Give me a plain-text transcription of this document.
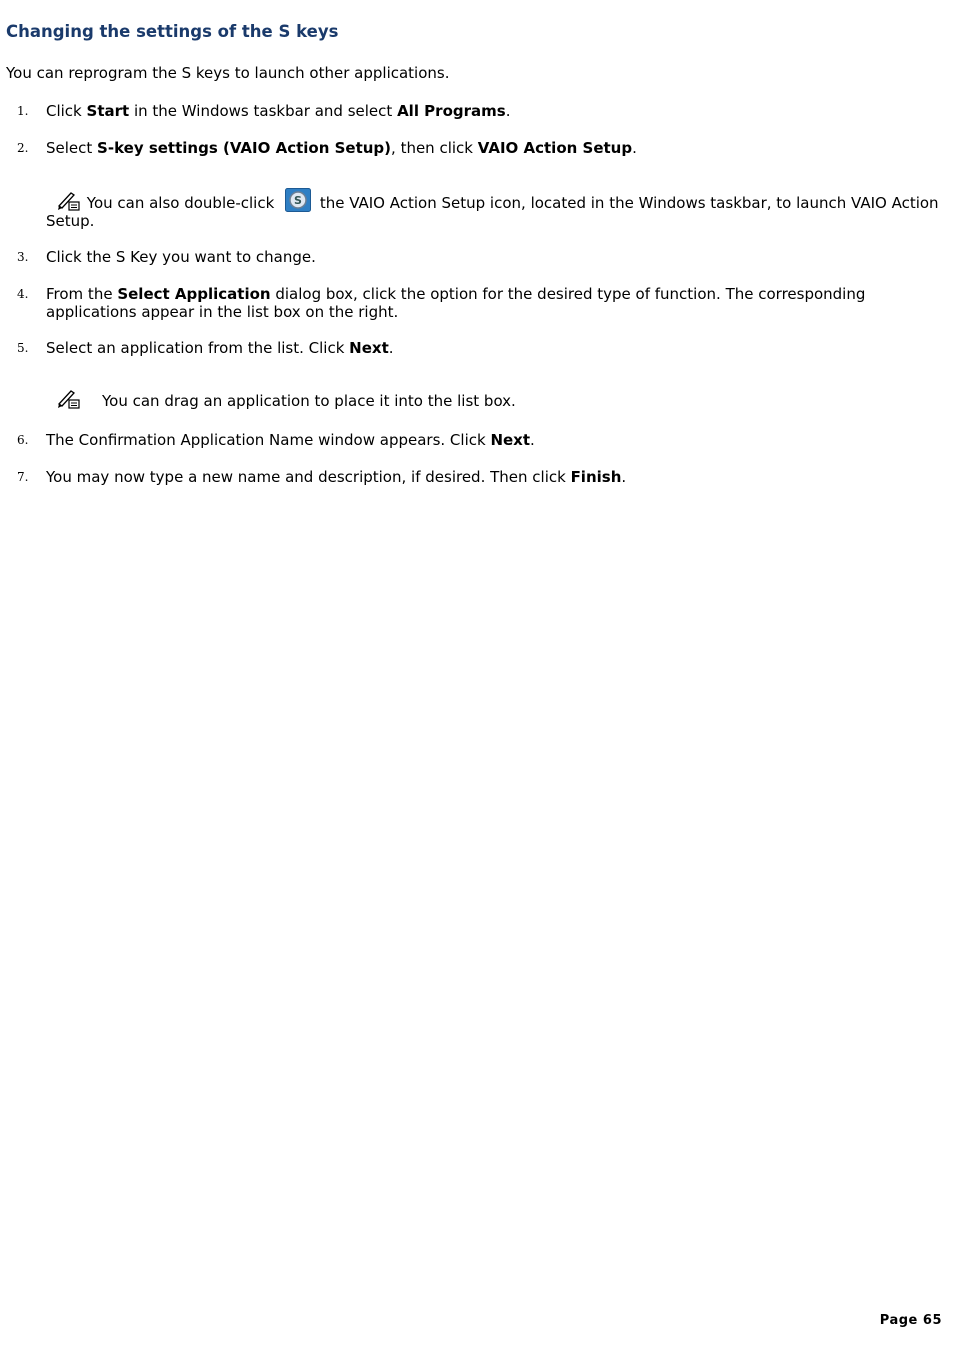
Changing the settings of the S keys
You can reprogram the S keys to launch other applications.
1. Click Start in the Windows taskbar and select All Programs.
2. Select S-key settings (VAIO Action Setup), then click VAIO Action Setup.
You can also double-click S the VAIO Action Setup icon, located in the Windows taskbar, to launch VAIO Action Setup.
3. Click the S Key you want to change.
4. From the Select Application dialog box, click the option for the desired type of function. The corresponding applications appear in the list box on the right.
5. Select an application from the list. Click Next.
You can drag an application to place it into the list box.
6. The Confirmation Application Name window appears. Click Next.
7. You may now type a new name and description, if desired. Then click Finish.
Page 65
